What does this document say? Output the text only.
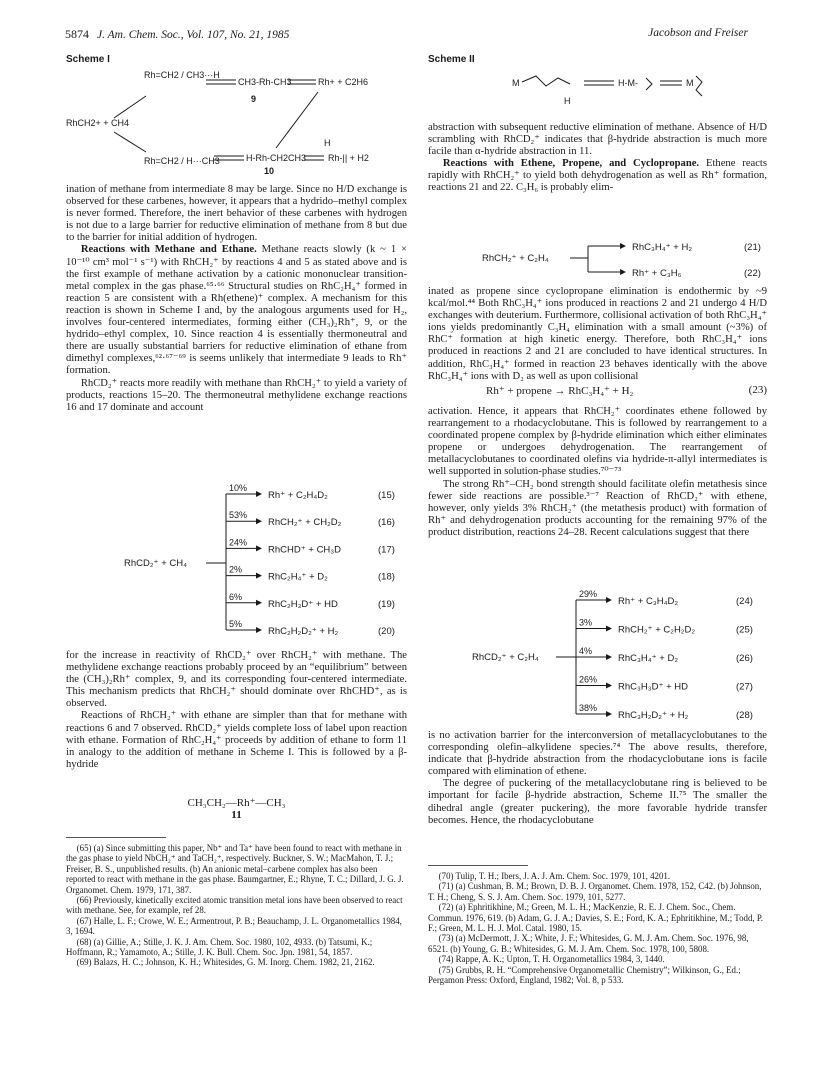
5874 J. Am. Chem. Soc., Vol. 107, No. 21, 1985	Jacobson and Freiser
Scheme I
RhCH2+ + CH4
Rh=CH2 / CH3···H
CH3-Rh-CH3
9
Rh+ + C2H6
Rh=CH2 / H···CH3	H-Rh-CH2CH3
10
H
Rh-|| + H2
Scheme II
M
H
H-M-	M

ination of methane from intermediate 8 may be large. Since no H/D exchange is observed for these carbenes, however, it appears that a hydrido–methyl complex is never formed. Therefore, the inert behavior of these carbenes with hydrogen is not due to a large barrier for reductive elimination of methane from 8 but due to the barrier for initial addition of hydrogen.

Reactions with Methane and Ethane. Methane reacts slowly (k ~ 1 × 10⁻¹⁰ cm³ mol⁻¹ s⁻¹) with RhCH₂⁺ by reactions 4 and 5 as stated above and is the first example of methane activation by a cationic mononuclear transition-metal complex in the gas phase.⁶⁵·⁶⁶ Structural studies on RhC₂H₄⁺ formed in reaction 5 are consistent with a Rh(ethene)⁺ complex. A mechanism for this reaction is shown in Scheme I and, by the analogous arguments used for H₂, involves four-centered intermediates, forming either (CH₃)₂Rh⁺, 9, or the hydrido–ethyl complex, 10. Since reaction 4 is essentially thermoneutral and there are usually substantial barriers for reductive elimination of ethane from dimethyl complexes,⁶²·⁶⁷⁻⁶⁹ is seems unlikely that intermediate 9 leads to Rh⁺ formation.

RhCD₂⁺ reacts more readily with methane than RhCH₂⁺ to yield a variety of products, reactions 15–20. The thermoneutral methylidene exchange reactions 16 and 17 dominate and account

RhCD₂⁺ + CH₄
10%
Rh⁺ + C₂H₄D₂	(15)
53%
RhCH₂⁺ + CH₂D₂	(16)
24%
RhCHD⁺ + CH₃D	(17)
2%
RhC₂H₄⁺ + D₂	(18)
6%
RhC₂H₃D⁺ + HD	(19)
5%
RhC₂H₂D₂⁺ + H₂	(20)

for the increase in reactivity of RhCD₂⁺ over RhCH₂⁺ with methane. The methylidene exchange reactions probably proceed by an “equilibrium” between the (CH₃)₂Rh⁺ complex, 9, and its corresponding four-centered intermediate. This mechanism predicts that RhCH₂⁺ should dominate over RhCHD⁺, as is observed.

Reactions of RhCH₂⁺ with ethane are simpler than that for methane with reactions 6 and 7 observed. RhCD₂⁺ yields complete loss of label upon reaction with ethane. Formation of RhC₂H₄⁺ proceeds by addition of ethane to form 11 in analogy to the addition of methane in Scheme I. This is followed by a β-hydride

CH₃CH₂—Rh⁺—CH₃
11

(65) (a) Since submitting this paper, Nb⁺ and Ta⁺ have been found to react with methane in the gas phase to yield NbCH₂⁺ and TaCH₂⁺, respectively. Buckner, S. W.; MacMahon, T. J.; Freiser, B. S., unpublished results. (b) An anionic metal–carbene complex has also been reported to react with methane in the gas phase. Baumgartner, E.; Rhyne, T. C.; Dillard, J. G. J. Organomet. Chem. 1979, 171, 387.

(66) Previously, kinetically excited atomic transition metal ions have been observed to react with methane. See, for example, ref 28.

(67) Halle, L. F.; Crowe, W. E.; Armentrout, P. B.; Beauchamp, J. L. Organometallics 1984, 3, 1694.

(68) (a) Gillie, A.; Stille, J. K. J. Am. Chem. Soc. 1980, 102, 4933. (b) Tatsumi, K.; Hoffmann, R.; Yamamoto, A.; Stille, J. K. Bull. Chem. Soc. Jpn. 1981, 54, 1857.

(69) Balazs, H. C.; Johnson, K. H.; Whitesides, G. M. Inorg. Chem. 1982, 21, 2162.

abstraction with subsequent reductive elimination of methane. Absence of H/D scrambling with RhCD₂⁺ indicates that β-hydride abstraction is much more facile than α-hydride abstraction in 11.

Reactions with Ethene, Propene, and Cyclopropane. Ethene reacts rapidly with RhCH₂⁺ to yield both dehydrogenation as well as Rh⁺ formation, reactions 21 and 22. C₃H₆ is probably elim-

RhCH₂⁺ + C₂H₄
RhC₃H₄⁺ + H₂	(21)
Rh⁺ + C₃H₆	(22)

inated as propene since cyclopropane elimination is endothermic by ~9 kcal/mol.⁴⁴ Both RhC₃H₄⁺ ions produced in reactions 2 and 21 undergo 4 H/D exchanges with deuterium. Furthermore, collisional activation of both RhC₃H₄⁺ ions yields predominantly C₃H₄ elimination with a small amount (~3%) of RhC⁺ formation at high kinetic energy. Therefore, both RhC₃H₄⁺ ions produced in reactions 2 and 21 are concluded to have identical structures. In addition, RhC₃H₄⁺ formed in reaction 23 behaves identically with the above RhC₃H₄⁺ ions with D₂ as well as upon collisional

Rh⁺ + propene → RhC₃H₄⁺ + H₂	(23)

activation. Hence, it appears that RhCH₂⁺ coordinates ethene followed by rearrangement to a rhodacyclobutane. This is followed by rearrangement to a coordinated propene complex by β-hydride elimination which either eliminates propene or undergoes dehydrogenation. The rearrangement of metallacyclobutanes to coordinated olefins via hydride-π-allyl intermediates is well supported in solution-phase studies.⁷⁰⁻⁷³

The strong Rh⁺–CH₂ bond strength should facilitate olefin metathesis since fewer side reactions are possible.³⁻⁷ Reaction of RhCD₂⁺ with ethene, however, only yields 3% RhCH₂⁺ (the metathesis product) with formation of Rh⁺ and dehydrogenation products accounting for the remaining 97% of the product distribution, reactions 24–28. Recent calculations suggest that there

RhCD₂⁺ + C₂H₄
29%
Rh⁺ + C₃H₄D₂	(24)
3%
RhCH₂⁺ + C₂H₂D₂	(25)
4%
RhC₃H₄⁺ + D₂	(26)
26%
RhC₃H₃D⁺ + HD	(27)
38%
RhC₃H₂D₂⁺ + H₂	(28)

is no activation barrier for the interconversion of metallacyclobutanes to the corresponding olefin–alkylidene species.⁷⁴ The above results, therefore, indicate that β-hydride abstraction from the rhodacyclobutane ions is facile compared with elimination of ethene.

The degree of puckering of the metallacyclobutane ring is believed to be important for facile β-hydride abstraction, Scheme II.⁷⁵ The smaller the dihedral angle (greater puckering), the more favorable hydride transfer becomes. Hence, the rhodacyclobutane

(70) Tulip, T. H.; Ibers, J. A. J. Am. Chem. Soc. 1979, 101, 4201.

(71) (a) Cushman, B. M.; Brown, D. B. J. Organomet. Chem. 1978, 152, C42. (b) Johnson, T. H.; Cheng, S. S. J. Am. Chem. Soc. 1979, 101, 5277.

(72) (a) Ephritikhine, M.; Green, M. L. H.; MacKenzie, R. E. J. Chem. Soc., Chem. Commun. 1976, 619. (b) Adam, G. J. A.; Davies, S. E.; Ford, K. A.; Ephritikhine, M.; Todd, P. F.; Green, M. L. H. J. Mol. Catal. 1980, 15.

(73) (a) McDermott, J. X.; White, J. F.; Whitesides, G. M. J. Am. Chem. Soc. 1976, 98, 6521. (b) Young, G. B.; Whitesides, G. M. J. Am. Chem. Soc. 1978, 100, 5808.

(74) Rappe, A. K.; Upton, T. H. Organometallics 1984, 3, 1440.

(75) Grubbs, R. H. “Comprehensive Organometallic Chemistry”; Wilkinson, G., Ed.; Pergamon Press: Oxford, England, 1982; Vol. 8, p 533.
